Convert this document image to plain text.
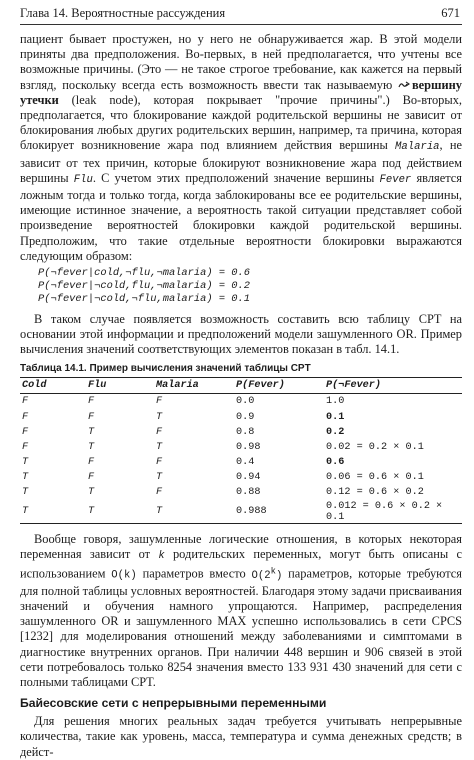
Глава 14. Вероятностные рассуждения	671

пациент бывает простужен, но у него не обнаруживается жар. В этой модели приняты два предположения. Во-первых, в ней предполагается, что учтены все возможные причины. (Это — не такое строгое требование, как кажется на первый взгляд, поскольку всегда есть возможность ввести так называемую вершину утечки (leak node), которая покрывает "прочие причины".) Во-вторых, предполагается, что блокирование каждой родительской вершины не зависит от блокирования любых других родительских вершин, например, та причина, которая блокирует возникновение жара под влиянием действия вершины Malaria, не зависит от тех причин, которые блокируют возникновение жара под действием вершины Flu. С учетом этих предположений значение вершины Fever является ложным тогда и только тогда, когда заблокированы все ее родительские вершины, имеющие истинное значение, а вероятность такой ситуации представляет собой произведение вероятностей блокировки каждой родительской вершины. Предположим, что такие отдельные вероятности блокировки выражаются следующим образом:

P(¬fever|cold,¬flu,¬malaria) = 0.6
P(¬fever|¬cold,flu,¬malaria) = 0.2
P(¬fever|¬cold,¬flu,malaria) = 0.1

В таком случае появляется возможность составить всю таблицу CPT на основании этой информации и предположений модели зашумленного OR. Пример вычисления значений соответствующих элементов показан в табл. 14.1.

Таблица 14.1. Пример вычисления значений таблицы CPT
Cold	Flu	Malaria	P(Fever)	P(¬Fever)
F	F	F	0.0	1.0
F	F	T	0.9	0.1
F	T	F	0.8	0.2
F	T	T	0.98	0.02 = 0.2 × 0.1
T	F	F	0.4	0.6
T	F	T	0.94	0.06 = 0.6 × 0.1
T	T	F	0.88	0.12 = 0.6 × 0.2
T	T	T	0.988	0.012 = 0.6 × 0.2 × 0.1

Вообще говоря, зашумленные логические отношения, в которых некоторая переменная зависит от k родительских переменных, могут быть описаны с использованием O(k) параметров вместо O(2$^k$) параметров, которые требуются для полной таблицы условных вероятностей. Благодаря этому задачи присваивания значений и обучения намного упрощаются. Например, распределения зашумленного OR и зашумленного MAX успешно использовались в сети CPCS [1232] для моделирования отношений между заболеваниями и симптомами в диагностике внутренних органов. При наличии 448 вершин и 906 связей в этой сети потребовалось только 8254 значения вместо 133 931 430 значений для сети с полными таблицами CPT.

Байесовские сети с непрерывными переменными

Для решения многих реальных задач требуется учитывать непрерывные количества, такие как уровень, масса, температура и сумма денежных средств; в дейст-
